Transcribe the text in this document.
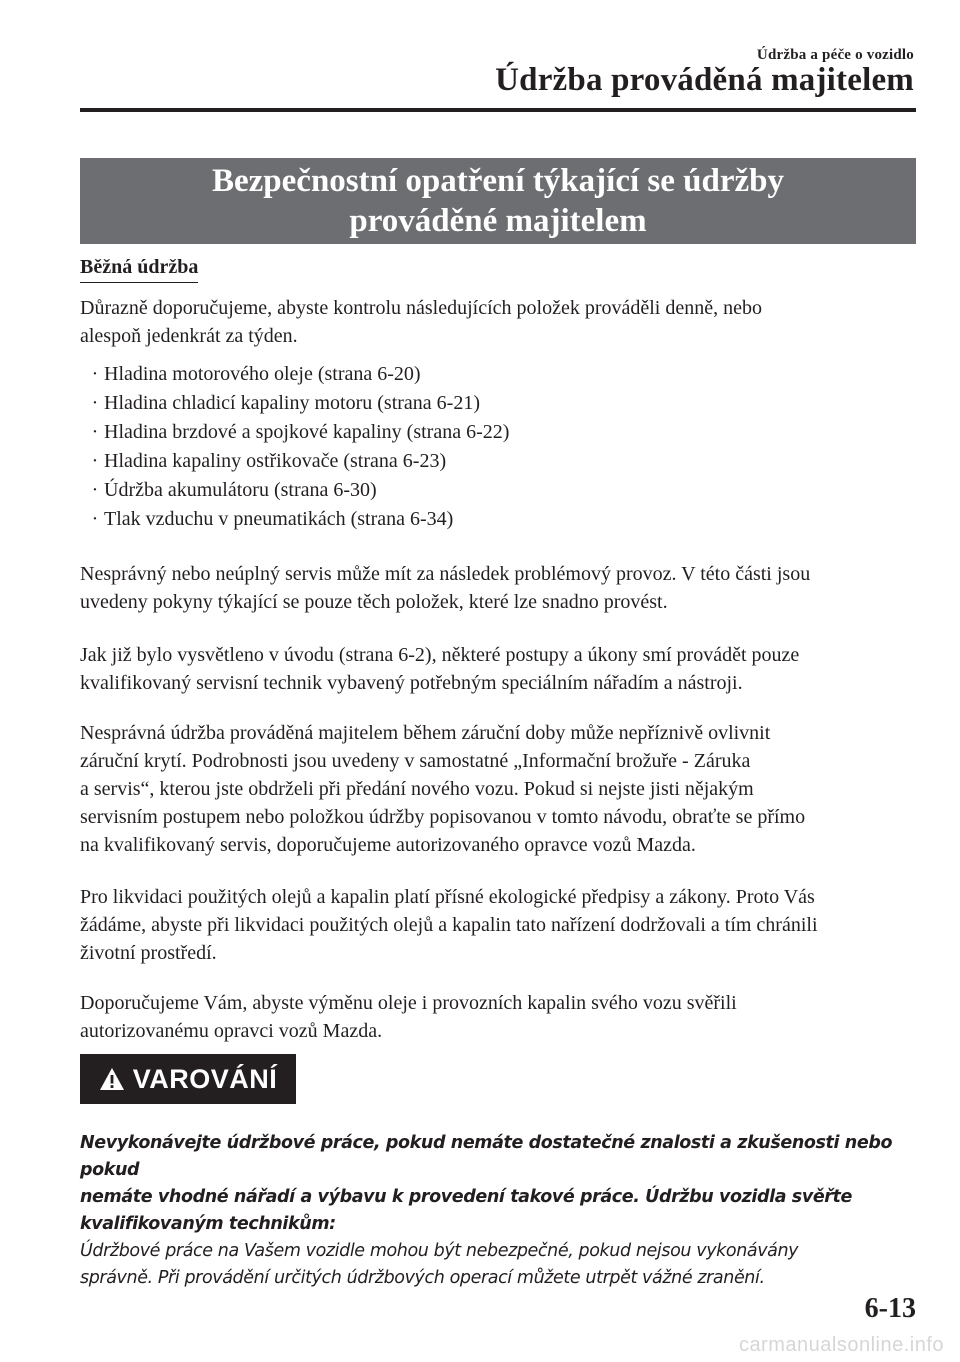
Údržba a péče o vozidlo
Údržba prováděná majitelem
Bezpečnostní opatření týkající se údržby
prováděné majitelem
Běžná údržba
Důrazně doporučujeme, abyste kontrolu následujících položek prováděli denně, nebo
alespoň jedenkrát za týden.
· Hladina motorového oleje (strana 6-20)
· Hladina chladicí kapaliny motoru (strana 6-21)
· Hladina brzdové a spojkové kapaliny (strana 6-22)
· Hladina kapaliny ostřikovače (strana 6-23)
· Údržba akumulátoru (strana 6-30)
· Tlak vzduchu v pneumatikách (strana 6-34)
Nesprávný nebo neúplný servis může mít za následek problémový provoz. V této části jsou
uvedeny pokyny týkající se pouze těch položek, které lze snadno provést.
Jak již bylo vysvětleno v úvodu (strana 6-2), některé postupy a úkony smí provádět pouze
kvalifikovaný servisní technik vybavený potřebným speciálním nářadím a nástroji.
Nesprávná údržba prováděná majitelem během záruční doby může nepříznivě ovlivnit
záruční krytí. Podrobnosti jsou uvedeny v samostatné „Informační brožuře - Záruka
a servis“, kterou jste obdrželi při předání nového vozu. Pokud si nejste jisti nějakým
servisním postupem nebo položkou údržby popisovanou v tomto návodu, obraťte se přímo
na kvalifikovaný servis, doporučujeme autorizovaného opravce vozů Mazda.
Pro likvidaci použitých olejů a kapalin platí přísné ekologické předpisy a zákony. Proto Vás
žádáme, abyste při likvidaci použitých olejů a kapalin tato nařízení dodržovali a tím chránili
životní prostředí.
Doporučujeme Vám, abyste výměnu oleje i provozních kapalin svého vozu svěřili
autorizovanému opravci vozů Mazda.
VAROVÁNÍ
Nevykonávejte údržbové práce, pokud nemáte dostatečné znalosti a zkušenosti nebo pokud
nemáte vhodné nářadí a výbavu k provedení takové práce. Údržbu vozidla svěřte
kvalifikovaným technikům:
Údržbové práce na Vašem vozidle mohou být nebezpečné, pokud nejsou vykonávány
správně. Při provádění určitých údržbových operací můžete utrpět vážné zranění.
6-13
carmanualsonline.info
